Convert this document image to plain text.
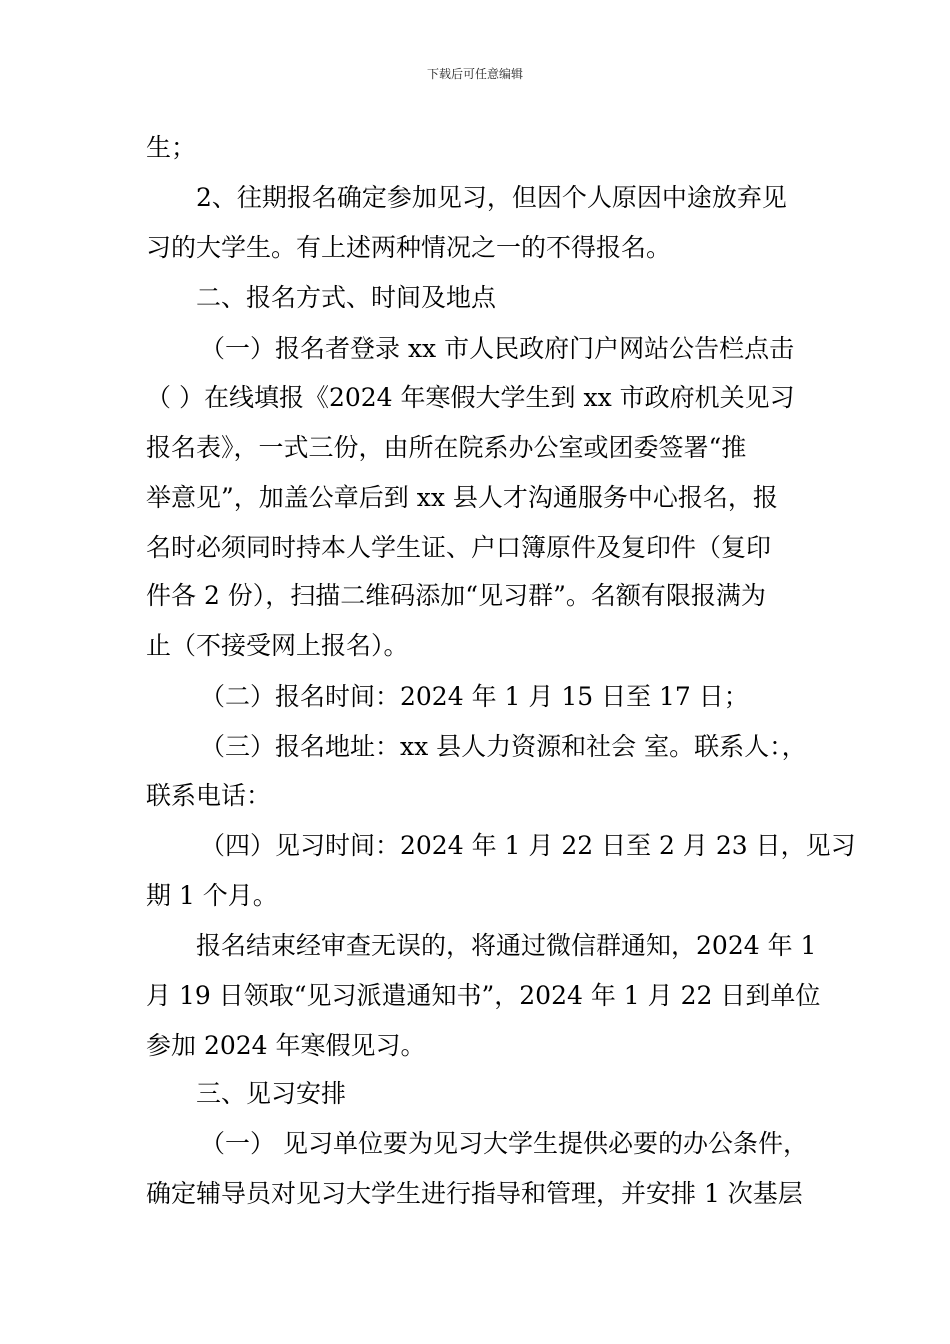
下载后可任意编辑
生；
2、往期报名确定参加见习，但因个人原因中途放弃见
习的大学生。有上述两种情况之一的不得报名。
二、报名方式、时间及地点
（一）报名者登录 xx 市人民政府门户网站公告栏点击
（ ）在线填报《2024 年寒假大学生到 xx 市政府机关见习
报名表》，一式三份，由所在院系办公室或团委签署“推
举意见”，加盖公章后到 xx 县人才沟通服务中心报名，报
名时必须同时持本人学生证、户口簿原件及复印件（复印
件各 2 份），扫描二维码添加“见习群”。名额有限报满为
止（不接受网上报名）。
（二）报名时间：2024 年 1 月 15 日至 17 日；
（三）报名地址：xx 县人力资源和社会 室。联系人：，
联系电话：
（四）见习时间：2024 年 1 月 22 日至 2 月 23 日，见习
期 1 个月。
报名结束经审查无误的，将通过微信群通知，2024 年 1
月 19 日领取“见习派遣通知书”，2024 年 1 月 22 日到单位
参加 2024 年寒假见习。
三、见习安排
（一） 见习单位要为见习大学生提供必要的办公条件，
确定辅导员对见习大学生进行指导和管理，并安排 1 次基层
